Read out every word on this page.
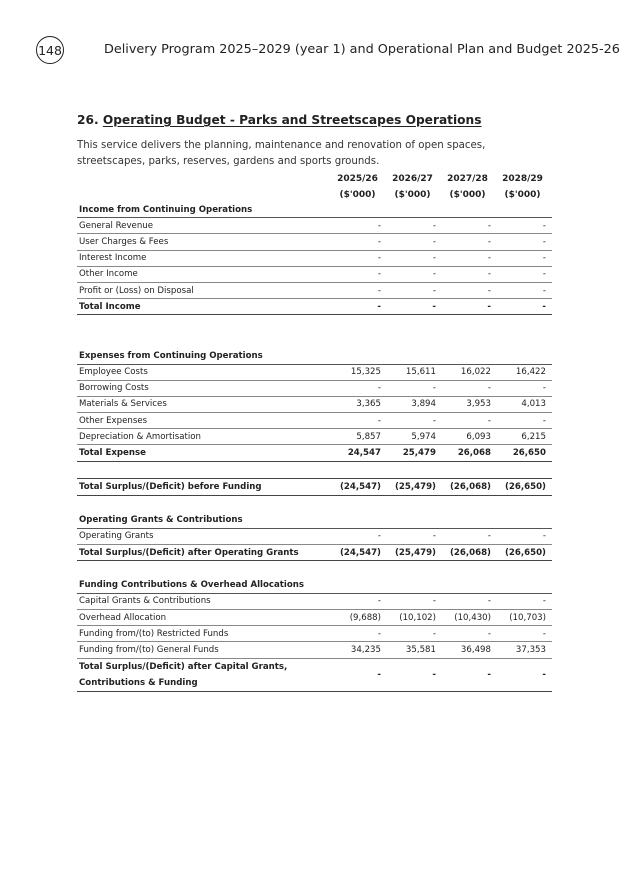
148	Delivery Program 2025–2029 (year 1) and Operational Plan and Budget 2025-26
26. Operating Budget - Parks and Streetscapes Operations
This service delivers the planning, maintenance and renovation of open spaces, streetscapes, parks, reserves, gardens and sports grounds.
	2025/26	2026/27	2027/28	2028/29
	($'000)	($'000)	($'000)	($'000)
Income from Continuing Operations				
General Revenue	-	-	-	-
User Charges & Fees	-	-	-	-
Interest Income	-	-	-	-
Other Income	-	-	-	-
Profit or (Loss) on Disposal	-	-	-	-
Total Income	-	-	-	-

Expenses from Continuing Operations				
Employee Costs	15,325	15,611	16,022	16,422
Borrowing Costs	-	-	-	-
Materials & Services	3,365	3,894	3,953	4,013
Other Expenses	-	-	-	-
Depreciation & Amortisation	5,857	5,974	6,093	6,215
Total Expense	24,547	25,479	26,068	26,650

Total Surplus/(Deficit) before Funding	(24,547)	(25,479)	(26,068)	(26,650)

Operating Grants & Contributions				
Operating Grants	-	-	-	-
Total Surplus/(Deficit) after Operating Grants	(24,547)	(25,479)	(26,068)	(26,650)

Funding Contributions & Overhead Allocations				
Capital Grants & Contributions	-	-	-	-
Overhead Allocation	(9,688)	(10,102)	(10,430)	(10,703)
Funding from/(to) Restricted Funds	-	-	-	-
Funding from/(to) General Funds	34,235	35,581	36,498	37,353

Total Surplus/(Deficit) after Capital Grants,
Contributions & Funding	-	-	-	-
